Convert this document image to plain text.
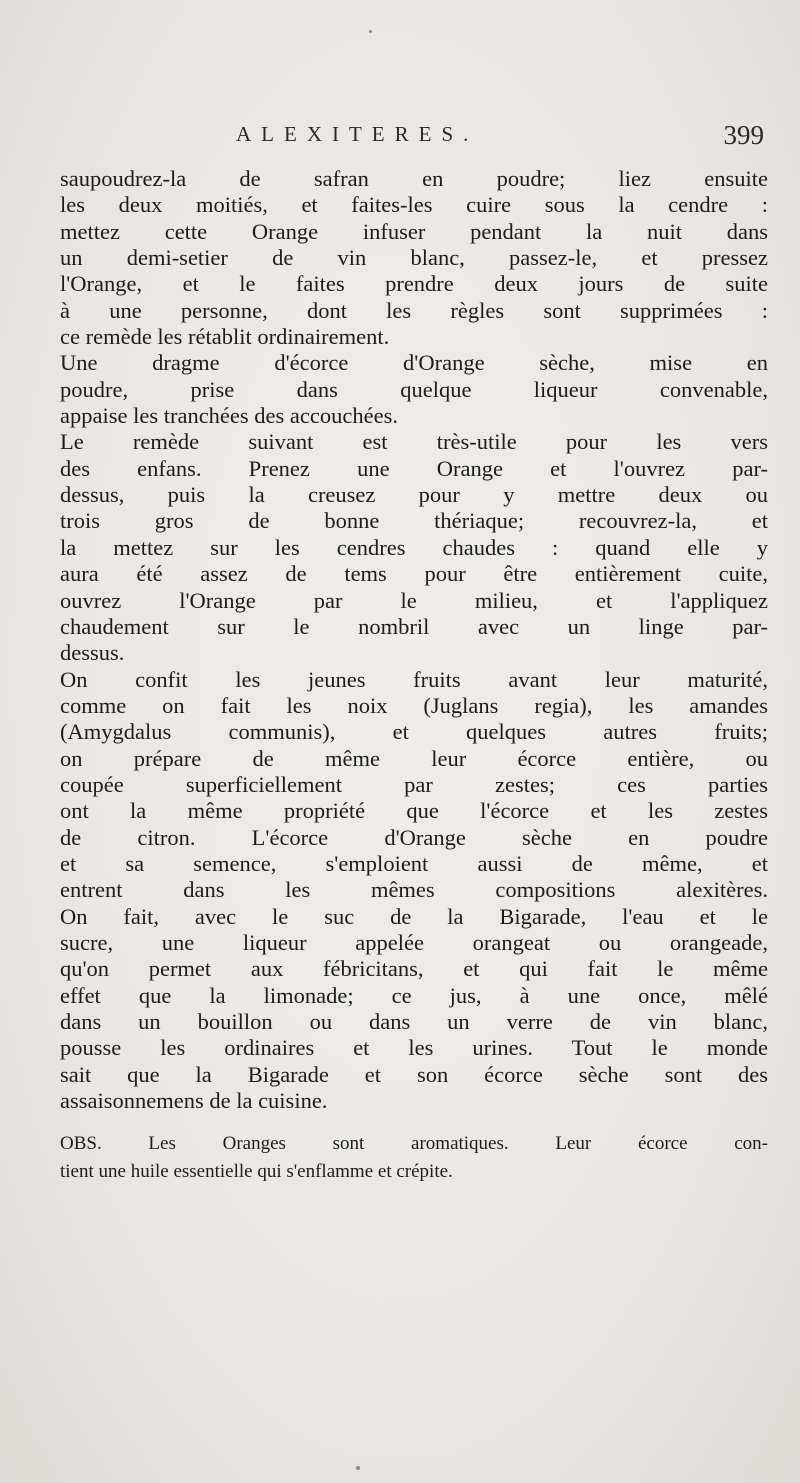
ALEXITERES.	399
saupoudrez-la de safran en poudre; liez ensuite
les deux moitiés, et faites-les cuire sous la cendre :
mettez cette Orange infuser pendant la nuit dans
un demi-setier de vin blanc, passez-le, et pressez
l'Orange, et le faites prendre deux jours de suite
à une personne, dont les règles sont supprimées :
ce remède les rétablit ordinairement.
Une dragme d'écorce d'Orange sèche, mise en
poudre, prise dans quelque liqueur convenable,
appaise les tranchées des accouchées.
Le remède suivant est très-utile pour les vers
des enfans. Prenez une Orange et l'ouvrez par-
dessus, puis la creusez pour y mettre deux ou
trois gros de bonne thériaque; recouvrez-la, et
la mettez sur les cendres chaudes : quand elle y
aura été assez de tems pour être entièrement cuite,
ouvrez l'Orange par le milieu, et l'appliquez
chaudement sur le nombril avec un linge par-
dessus.
On confit les jeunes fruits avant leur maturité,
comme on fait les noix (Juglans regia), les amandes
(Amygdalus communis), et quelques autres fruits;
on prépare de même leur écorce entière, ou
coupée superficiellement par zestes; ces parties
ont la même propriété que l'écorce et les zestes
de citron. L'écorce d'Orange sèche en poudre
et sa semence, s'emploient aussi de même, et
entrent dans les mêmes compositions alexitères.
On fait, avec le suc de la Bigarade, l'eau et le
sucre, une liqueur appelée orangeat ou orangeade,
qu'on permet aux fébricitans, et qui fait le même
effet que la limonade; ce jus, à une once, mêlé
dans un bouillon ou dans un verre de vin blanc,
pousse les ordinaires et les urines. Tout le monde
sait que la Bigarade et son écorce sèche sont des
assaisonnemens de la cuisine.
OBS. Les Oranges sont aromatiques. Leur écorce con-
tient une huile essentielle qui s'enflamme et crépite.
